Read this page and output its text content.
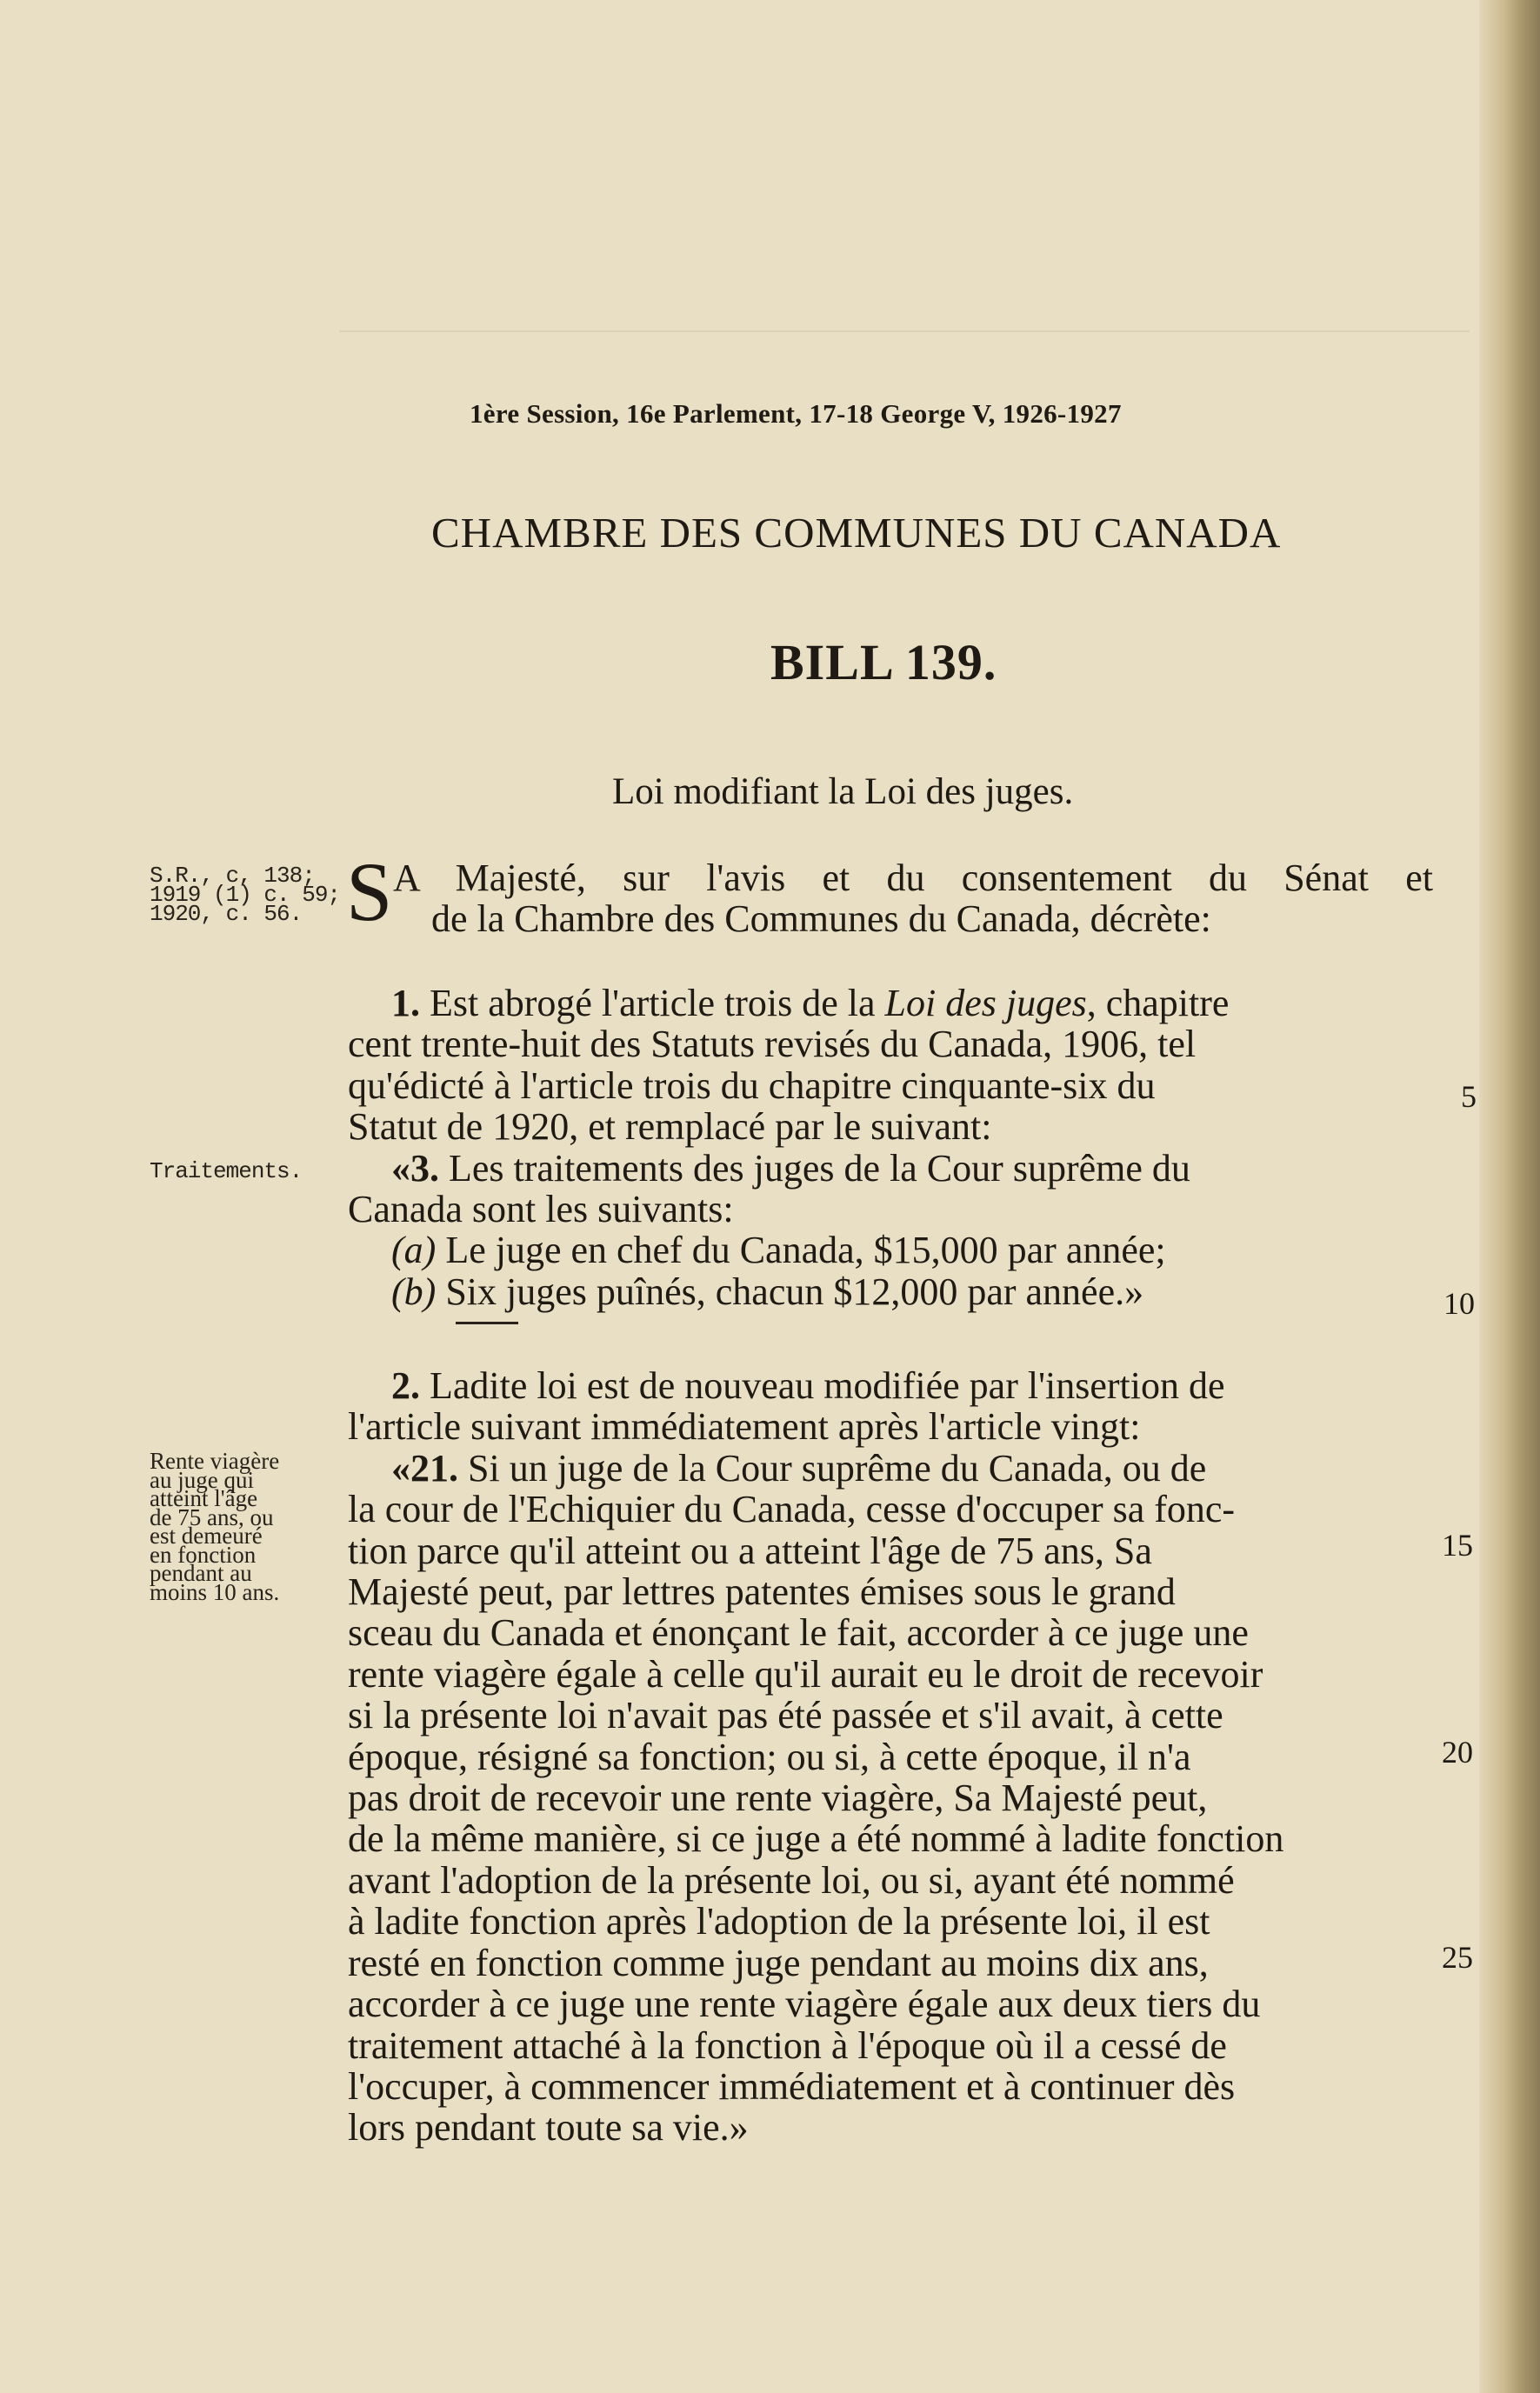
1ère Session, 16e Parlement, 17-18 George V, 1926-1927
CHAMBRE DES COMMUNES DU CANADA
BILL 139.
Loi modifiant la Loi des juges.
S.R., c, 138;
1919 (1) c. 59;
1920, c. 56.
Traitements.
Rente viagère
au juge qui
atteint l'âge
de 75 ans, ou
est demeuré
en fonction
pendant au
moins 10 ans.
S A Majesté, sur l'avis et du consentement du Sénat et
de la Chambre des Communes du Canada, décrète:
1. Est abrogé l'article trois de la Loi des juges, chapitre
cent trente-huit des Statuts revisés du Canada, 1906, tel
qu'édicté à l'article trois du chapitre cinquante-six du
Statut de 1920, et remplacé par le suivant:
«3. Les traitements des juges de la Cour suprême du
Canada sont les suivants:
(a) Le juge en chef du Canada, $15,000 par année;
(b) Six juges puînés, chacun $12,000 par année.»
2. Ladite loi est de nouveau modifiée par l'insertion de
l'article suivant immédiatement après l'article vingt:
«21. Si un juge de la Cour suprême du Canada, ou de
la cour de l'Echiquier du Canada, cesse d'occuper sa fonc-
tion parce qu'il atteint ou a atteint l'âge de 75 ans, Sa
Majesté peut, par lettres patentes émises sous le grand
sceau du Canada et énonçant le fait, accorder à ce juge une
rente viagère égale à celle qu'il aurait eu le droit de recevoir
si la présente loi n'avait pas été passée et s'il avait, à cette
époque, résigné sa fonction; ou si, à cette époque, il n'a
pas droit de recevoir une rente viagère, Sa Majesté peut,
de la même manière, si ce juge a été nommé à ladite fonction
avant l'adoption de la présente loi, ou si, ayant été nommé
à ladite fonction après l'adoption de la présente loi, il est
resté en fonction comme juge pendant au moins dix ans,
accorder à ce juge une rente viagère égale aux deux tiers du
traitement attaché à la fonction à l'époque où il a cessé de
l'occuper, à commencer immédiatement et à continuer dès
lors pendant toute sa vie.»
5
10
15
20
25
